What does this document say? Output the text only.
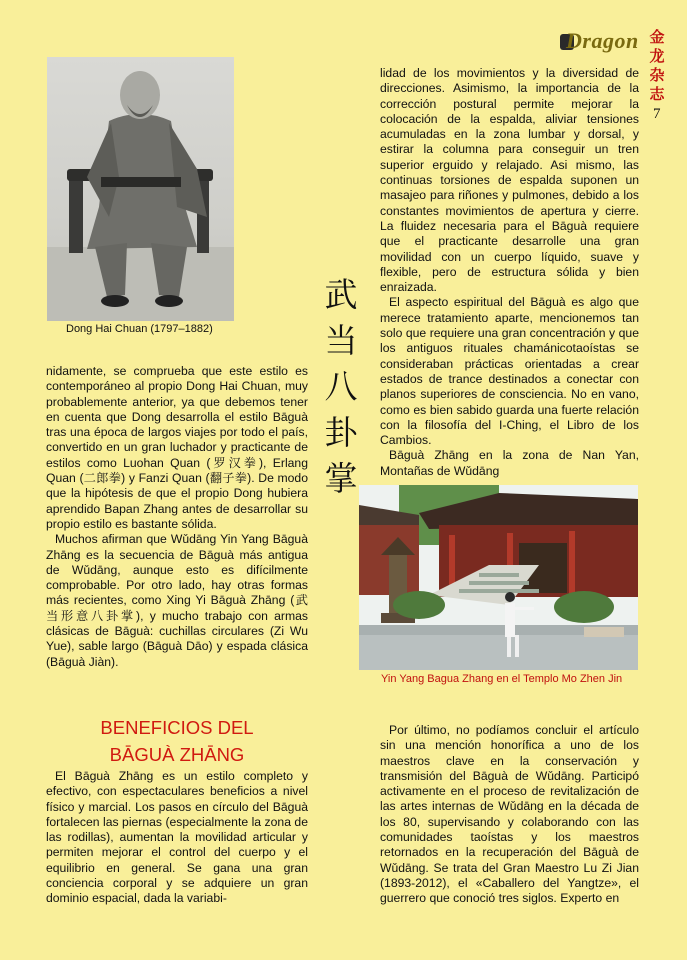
Dragon 金
龙
杂
志
7
Dong Hai Chuan (1797–1882)
武
当
八
卦
掌

nidamente, se comprueba que este estilo es contemporáneo al propio Dong Hai Chuan, muy probablemente anterior, ya que debemos tener en cuenta que Dong desarrolla el estilo Bāguà tras una época de largos viajes por todo el país, convertido en un gran luchador y practicante de estilos como Luohan Quan (罗汉拳), Erlang Quan (二郎拳) y Fanzi Quan (翻子拳). De modo que la hipótesis de que el propio Dong hubiera aprendido Bapan Zhang antes de desarrollar su propio estilo es bastante sólida.

Muchos afirman que Wǔdāng Yin Yang Bāguà Zhāng es la secuencia de Bāguà más antigua de Wǔdāng, aunque esto es difícilmente comprobable. Por otro lado, hay otras formas más recientes, como Xing Yi Bāguà Zhāng (武当形意八卦掌), y mucho trabajo con armas clásicas de Bāguà: cuchillas circulares (Zi Wu Yue), sable largo (Bāguà Dāo) y espada clásica (Bāguà Jiàn).

BENEFICIOS DEL
BĀGUÀ ZHĀNG

El Bāguà Zhāng es un estilo completo y efectivo, con espectaculares beneficios a nivel físico y marcial. Los pasos en círculo del Bāguà fortalecen las piernas (especialmente la zona de las rodillas), aumentan la movilidad articular y permiten mejorar el control del cuerpo y el equilibrio en general. Se gana una gran conciencia corporal y se adquiere un gran dominio espacial, dada la variabi-

lidad de los movimientos y la diversidad de direcciones. Asimismo, la importancia de la corrección postural permite mejorar la colocación de la espalda, aliviar tensiones acumuladas en la zona lumbar y dorsal, y estirar la columna para conseguir un tren superior erguido y relajado. Asi mismo, las continuas torsiones de espalda suponen un masajeo para riñones y pulmones, debido a los constantes movimientos de apertura y cierre. La fluidez necesaria para el Bāguà requiere que el practicante desarrolle una gran movilidad con un cuerpo líquido, suave y flexible, pero de estructura sólida y bien enraizada.

El aspecto espiritual del Bāguà es algo que merece tratamiento aparte, mencionemos tan solo que requiere una gran concentración y que los antiguos rituales chamánicotaoístas se consideraban prácticas orientadas a crear estados de trance destinados a conectar con planos superiores de consciencia. No en vano, como es bien sabido guarda una fuerte relación con la filosofía del I-Ching, el Libro de los Cambios.

Bāguà Zhāng en la zona de Nan Yan, Montañas de Wǔdāng

Yin Yang Bagua Zhang en el Templo Mo Zhen Jin

Por último, no podíamos concluir el artículo sin una mención honorífica a uno de los maestros clave en la conservación y transmisión del Bāguà de Wǔdāng. Participó activamente en el proceso de revitalización de las artes internas de Wǔdāng en la década de los 80, supervisando y colaborando con las comunidades taoístas y los maestros retornados en la recuperación del Bāguà de Wǔdāng. Se trata del Gran Maestro Lu Zi Jian (1893-2012), el «Caballero del Yangtze», el guerrero que conoció tres siglos. Experto en
